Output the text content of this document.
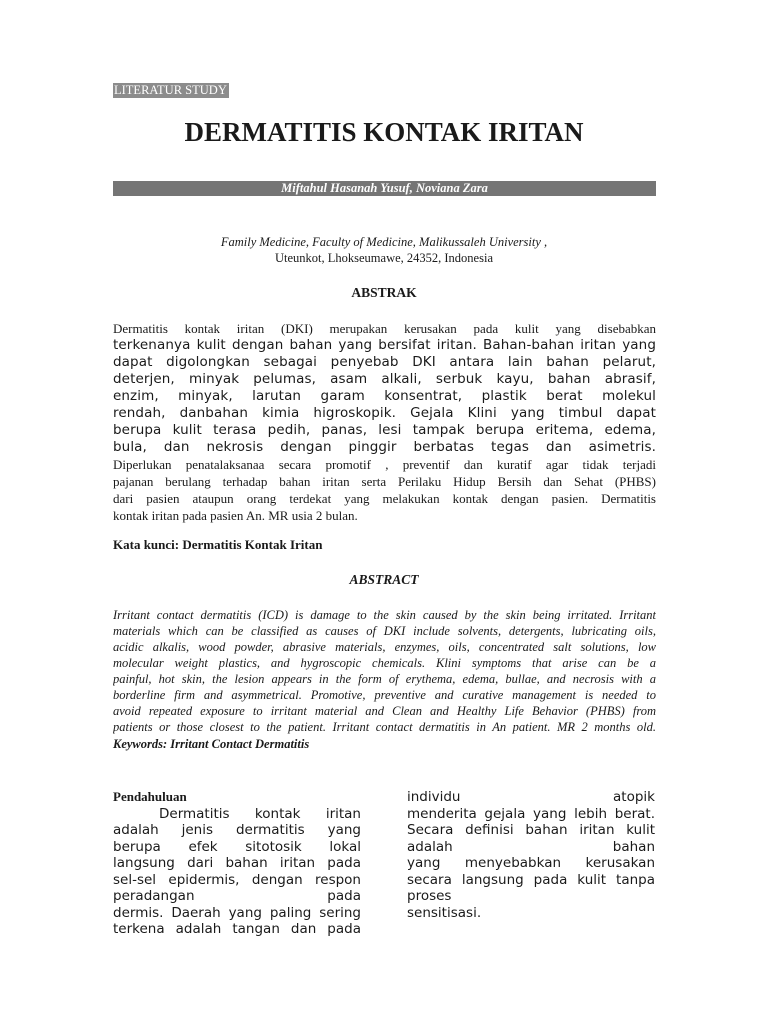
LITERATUR STUDY
DERMATITIS KONTAK IRITAN
Miftahul Hasanah Yusuf, Noviana Zara
Family Medicine, Faculty of Medicine, Malikussaleh University ,
Uteunkot, Lhokseumawe, 24352, Indonesia
ABSTRAK
Dermatitis kontak iritan (DKI) merupakan kerusakan pada kulit yang disebabkan
terkenanya kulit dengan bahan yang bersifat iritan. Bahan-bahan iritan yang
dapat digolongkan sebagai penyebab DKI antara lain bahan pelarut,
deterjen, minyak pelumas, asam alkali, serbuk kayu, bahan abrasif,
enzim, minyak, larutan garam konsentrat, plastik berat molekul
rendah, danbahan kimia higroskopik. Gejala Klini yang timbul dapat
berupa kulit terasa pedih, panas, lesi tampak berupa eritema, edema,
bula, dan nekrosis dengan pinggir berbatas tegas dan asimetris.
Diperlukan penatalaksanaa secara promotif , preventif dan kuratif agar tidak terjadi
pajanan berulang terhadap bahan iritan serta Perilaku Hidup Bersih dan Sehat (PHBS)
dari pasien ataupun orang terdekat yang melakukan kontak dengan pasien. Dermatitis
kontak iritan pada pasien An. MR usia 2 bulan.
Kata kunci: Dermatitis Kontak Iritan
ABSTRACT
Irritant contact dermatitis (ICD) is damage to the skin caused by the skin being irritated. Irritant
materials which can be classified as causes of DKI include solvents, detergents, lubricating oils,
acidic alkalis, wood powder, abrasive materials, enzymes, oils, concentrated salt solutions, low
molecular weight plastics, and hygroscopic chemicals. Klini symptoms that arise can be a
painful, hot skin, the lesion appears in the form of erythema, edema, bullae, and necrosis with a
borderline firm and asymmetrical. Promotive, preventive and curative management is needed to
avoid repeated exposure to irritant material and Clean and Healthy Life Behavior (PHBS) from
patients or those closest to the patient. Irritant contact dermatitis in An patient. MR 2 months old.
Keywords: Irritant Contact Dermatitis
Pendahuluan
Dermatitis kontak iritan
adalah jenis dermatitis yang
berupa efek sitotosik lokal
langsung dari bahan iritan pada
sel-sel epidermis, dengan respon
peradangan pada
dermis. Daerah yang paling sering
terkena adalah tangan dan pada
individu atopik
menderita gejala yang lebih berat.
Secara definisi bahan iritan kulit
adalah bahan
yang menyebabkan kerusakan
secara langsung pada kulit tanpa
proses
sensitisasi.
